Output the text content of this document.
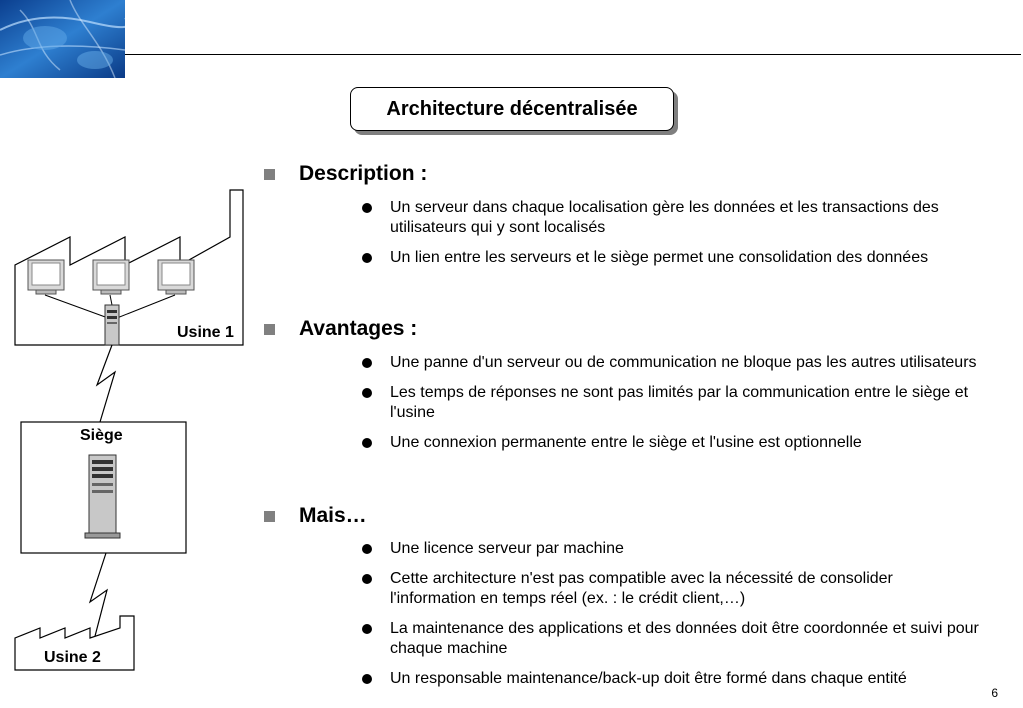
Architecture décentralisée
Usine 1
Siège
Usine 2
Description :
Un serveur dans chaque localisation gère les données et les transactions des utilisateurs qui y sont localisés
Un lien entre les serveurs et le siège permet une consolidation des données
Avantages :
Une panne d'un serveur ou de communication ne bloque pas les autres utilisateurs
Les temps de réponses ne sont pas limités par la communication entre le siège et l'usine
Une connexion permanente entre le siège et l'usine est optionnelle
Mais…
Une licence serveur par machine
Cette architecture n'est pas compatible avec la nécessité de consolider l'information en temps réel (ex. : le crédit client,…)
La maintenance des applications et des données doit être coordonnée et suivi pour chaque machine
Un responsable maintenance/back-up doit être formé dans chaque entité
6
